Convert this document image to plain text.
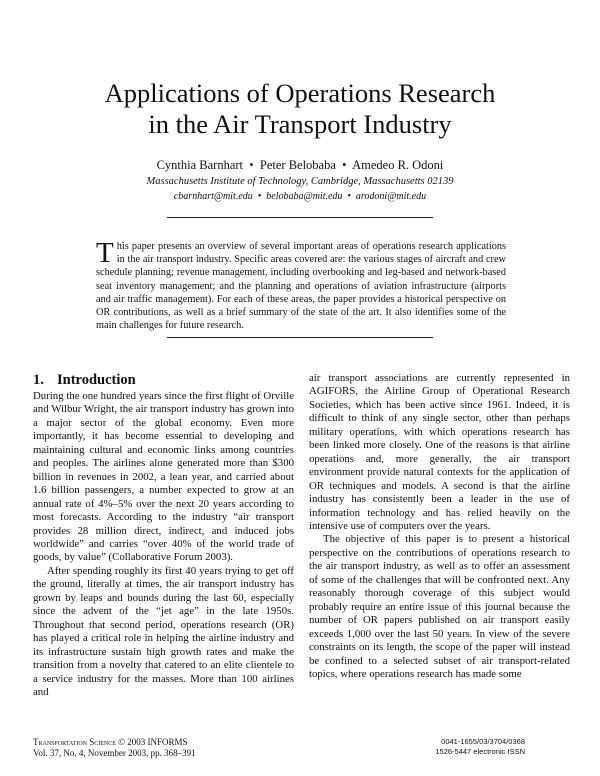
Applications of Operations Research
in the Air Transport Industry
Cynthia Barnhart  •  Peter Belobaba  •  Amedeo R. Odoni
Massachusetts Institute of Technology, Cambridge, Massachusetts 02139
cbarnhart@mit.edu  •  belobaba@mit.edu  •  arodoni@mit.edu
This paper presents an overview of several important areas of operations research applications in the air transport industry. Specific areas covered are: the various stages of aircraft and crew schedule planning; revenue management, including overbooking and leg-based and network-based seat inventory management; and the planning and operations of aviation infrastructure (airports and air traffic management). For each of these areas, the paper provides a historical perspective on OR contributions, as well as a brief summary of the state of the art. It also identifies some of the main challenges for future research.
1. Introduction

During the one hundred years since the first flight of Orville and Wilbur Wright, the air transport industry has grown into a major sector of the global economy. Even more importantly, it has become essential to developing and maintaining cultural and economic links among countries and peoples. The airlines alone generated more than $300 billion in revenues in 2002, a lean year, and carried about 1.6 billion passengers, a number expected to grow at an annual rate of 4%–5% over the next 20 years according to most forecasts. According to the industry “air transport provides 28 million direct, indirect, and induced jobs worldwide” and carries “over 40% of the world trade of goods, by value” (Collaborative Forum 2003).

After spending roughly its first 40 years trying to get off the ground, literally at times, the air transport industry has grown by leaps and bounds during the last 60, especially since the advent of the “jet age” in the late 1950s. Throughout that second period, operations research (OR) has played a critical role in helping the airline industry and its infrastructure sustain high growth rates and make the transition from a novelty that catered to an elite clientele to a service industry for the masses. More than 100 airlines and

air transport associations are currently represented in AGIFORS, the Airline Group of Operational Research Societies, which has been active since 1961. Indeed, it is difficult to think of any single sector, other than perhaps military operations, with which operations research has been linked more closely. One of the reasons is that airline operations and, more generally, the air transport environment provide natural contexts for the application of OR techniques and models. A second is that the airline industry has consistently been a leader in the use of information technology and has relied heavily on the intensive use of computers over the years.

The objective of this paper is to present a historical perspective on the contributions of operations research to the air transport industry, as well as to offer an assessment of some of the challenges that will be confronted next. Any reasonably thorough coverage of this subject would probably require an entire issue of this journal because the number of OR papers published on air transport easily exceeds 1,000 over the last 50 years. In view of the severe constraints on its length, the scope of the paper will instead be confined to a selected subset of air transport-related topics, where operations research has made some

Transportation Science © 2003 INFORMS
Vol. 37, No. 4, November 2003, pp. 368–391
0041-1655/03/3704/0368
1526-5447 electronic ISSN
